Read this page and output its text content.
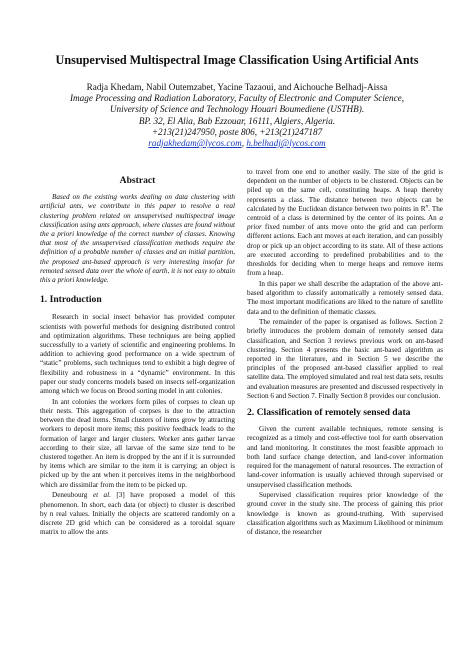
Unsupervised Multispectral Image Classification Using Artificial Ants
Radja Khedam, Nabil Outemzabet, Yacine Tazaoui, and Aichouche Belhadj-Aissa
Image Processing and Radiation Laboratory, Faculty of Electronic and Computer Science,
University of Science and Technology Houari Boumediene (USTHB).
BP. 32, El Alia, Bab Ezzouar, 16111, Algiers, Algeria.
+213(21)247950, poste 806, +213(21)247187
radjakhedam@lycos.com, h.belhadj@lycos.com
Abstract

Based on the existing works dealing on data clustering with artificial ants, we contribute in this paper to resolve a real clustering problem related on unsupervised multispectral image classification using ants approach, where classes are found without the a priori knowledge of the correct number of classes. Knowing that most of the unsupervised classification methods require the definition of a probable number of classes and an initial partition, the proposed ant-based approach is very interesting insofar for remoted sensed data over the whole of earth, it is not easy to obtain this a priori knowledge.

1. Introduction

Research in social insect behavior has provided computer scientists with powerful methods for designing distributed control and optimization algorithms. These techniques are being applied successfully to a variety of scientific and engineering problems. In addition to achieving good performance on a wide spectrum of “static” problems, such techniques tend to exhibit a high degree of flexibility and robustness in a “dynamic” environment. In this paper our study concerns models based on insects self-organization among which we focus on Brood sorting model in ant colonies.

In ant colonies the workers form piles of corpses to clean up their nests. This aggregation of corpses is due to the attraction between the dead items. Small clusters of items grow by attracting workers to deposit more items; this positive feedback leads to the formation of larger and larger clusters. Worker ants gather larvae according to their size, all larvae of the same size tend to be clustered together. An item is dropped by the ant if it is surrounded by items which are similar to the item it is carrying; an object is picked up by the ant when it perceives items in the neighborhood which are dissimilar from the item to be picked up.

Deneubourg et al. [3] have proposed a model of this phenomenon. In short, each data (or object) to cluster is described by n real values. Initially the objects are scattered randomly on a discrete 2D grid which can be considered as a toroidal square matrix to allow the ants

to travel from one end to another easily. The size of the grid is dependent on the number of objects to be clustered. Objects can be piled up on the same cell, constituting heaps. A heap thereby represents a class. The distance between two objects can be calculated by the Euclidean distance between two points in $R^n$. The centroid of a class is determined by the center of its points. An a prior fixed number of ants move onto the grid and can perform different actions. Each ant moves at each iteration, and can possibly drop or pick up an object according to its state. All of these actions are executed according to predefined probabilities and to the thresholds for deciding when to merge heaps and remove items from a heap.

In this paper we shall describe the adaptation of the above ant-based algorithm to classify automatically a remotely sensed data. The most important modifications are liked to the nature of satellite data and to the definition of thematic classes.

The remainder of the paper is organised as follows. Section 2 briefly introduces the problem domain of remotely sensed data classification, and Section 3 reviews previous work on ant-based clustering. Section 4 presents the basic ant-based algorithm as reported in the literature, and in Section 5 we describe the principles of the proposed ant-based classifier applied to real satellite data. The employed simulated and real test data sets, results and evaluation measures are presented and discussed respectively in Section 6 and Section 7. Finally Section 8 provides our conclusion.

2. Classification of remotely sensed data

Given the current available techniques, remote sensing is recognized as a timely and cost-effective tool for earth observation and land monitoring. It constitutes the most feasible approach to both land surface change detection, and land-cover information required for the management of natural resources. The extraction of land-cover information is usually achieved through supervised or unsupervised classification methods.

Supervised classification requires prior knowledge of the ground cover in the study site. The process of gaining this prior knowledge is known as ground-truthing. With supervised classification algorithms such as Maximum Likelihood or minimum of distance, the researcher
